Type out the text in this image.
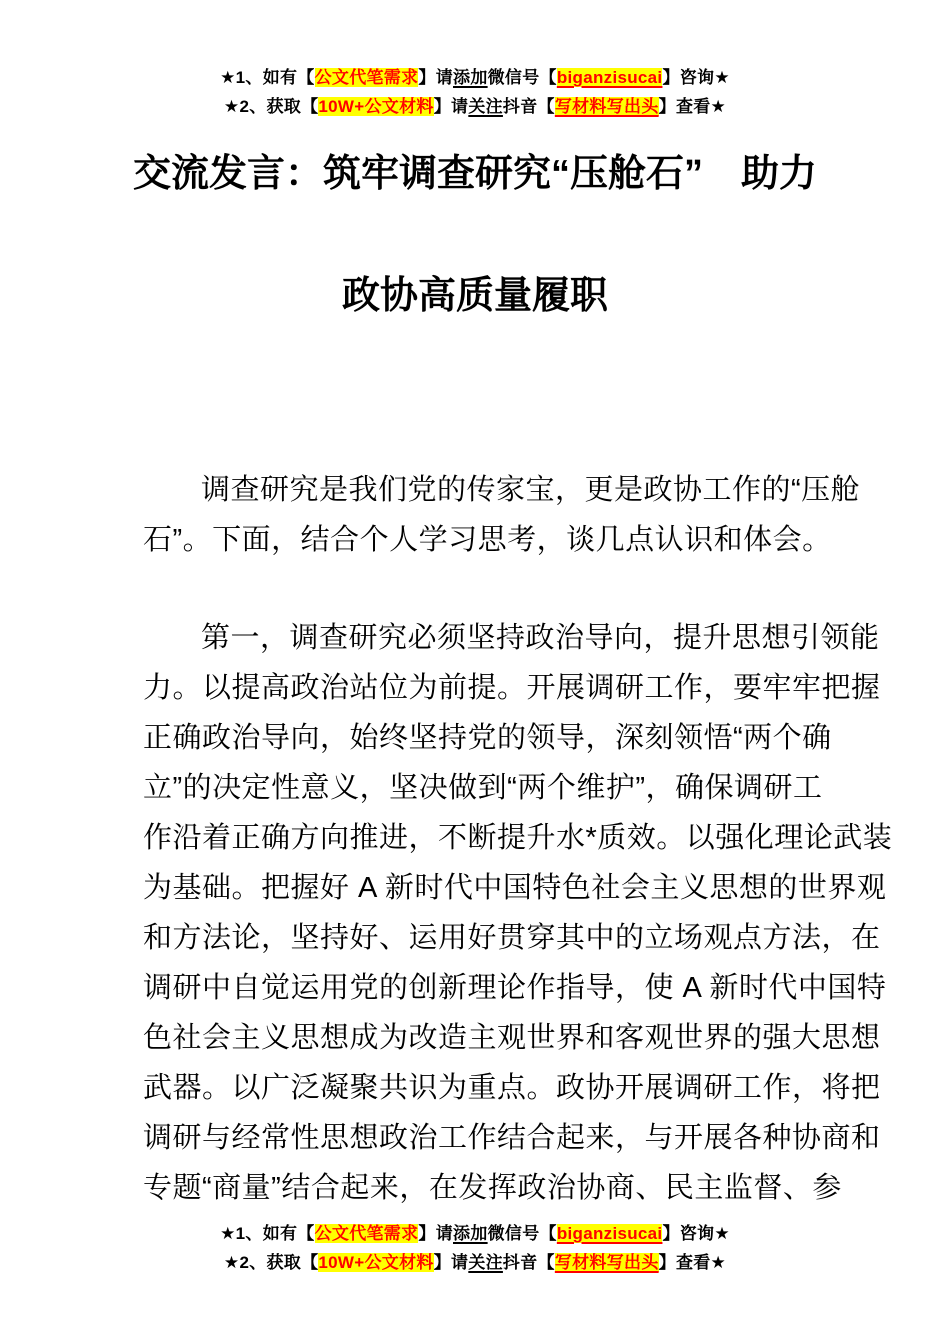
★1、如有【公文代笔需求】请添加微信号【biganzisucai】咨询★
★2、获取【10W+公文材料】请关注抖音【写材料写出头】查看★
交流发言：筑牢调查研究“压舱石”　助力
政协高质量履职
调查研究是我们党的传家宝，更是政协工作的“压舱
石”。下面，结合个人学习思考，谈几点认识和体会。
第一，调查研究必须坚持政治导向，提升思想引领能
力。以提高政治站位为前提。开展调研工作，要牢牢把握
正确政治导向，始终坚持党的领导，深刻领悟“两个确
立”的决定性意义，坚决做到“两个维护”，确保调研工
作沿着正确方向推进，不断提升水*质效。以强化理论武装
为基础。把握好 A 新时代中国特色社会主义思想的世界观
和方法论，坚持好、运用好贯穿其中的立场观点方法，在
调研中自觉运用党的创新理论作指导，使 A 新时代中国特
色社会主义思想成为改造主观世界和客观世界的强大思想
武器。以广泛凝聚共识为重点。政协开展调研工作，将把
调研与经常性思想政治工作结合起来，与开展各种协商和
专题“商量”结合起来，在发挥政治协商、民主监督、参
★1、如有【公文代笔需求】请添加微信号【biganzisucai】咨询★
★2、获取【10W+公文材料】请关注抖音【写材料写出头】查看★
